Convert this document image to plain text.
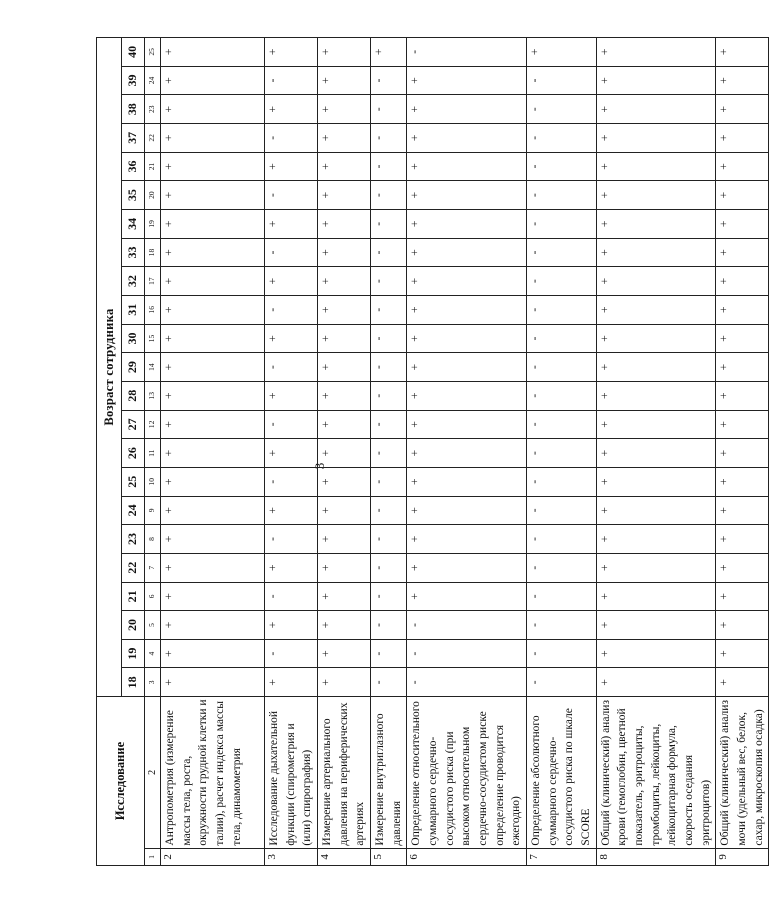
3
Исследование		Возраст сотрудника																						
		18	19	20	21	22	23	24	25	26	27	28	29	30	31	32	33	34	35	36	37	38	39	40
1	2	3	4	5	6	7	8	9	10	11	12	13	14	15	16	17	18	19	20	21	22	23	24	25
2	Антропометрия (измерение массы тела, роста, окружности грудной клетки и талии), расчет индекса массы тела, динамометрия	+	+	+	+	+	+	+	+	+	+	+	+	+	+	+	+	+	+	+	+	+	+	+
3	Исследование дыхательной функции (спирометрия и (или) спирография)	+	-	+	-	+	-	+	-	+	-	+	-	+	-	+	-	+	-	+	-	+	-	+
4	Измерение артериального давления на периферических артериях	+	+	+	+	+	+	+	+	+	+	+	+	+	+	+	+	+	+	+	+	+	+	+
5	Измерение внутриглазного давления	-	-	-	-	-	-	-	-	-	-	-	-	-	-	-	-	-	-	-	-	-	-	+
6	Определение относительного суммарного сердечно-сосудистого риска (при высоком относительном сердечно-сосудистом риске определение проводится ежегодно)	-	-	-	+	+	+	+	+	+	+	+	+	+	+	+	+	+	+	+	+	+	+	-
7	Определение абсолютного суммарного сердечно-сосудистого риска по шкале SCORE	-	-	-	-	-	-	-	-	-	-	-	-	-	-	-	-	-	-	-	-	-	-	+
8	Общий (клинический) анализ крови (гемоглобин, цветной показатель, эритроциты, тромбоциты, лейкоциты, лейкоцитарная формула, скорость оседания эритроцитов)	+	+	+	+	+	+	+	+	+	+	+	+	+	+	+	+	+	+	+	+	+	+	+
9	Общий (клинический) анализ мочи (удельный вес, белок, сахар, микроскопия осадка)	+	+	+	+	+	+	+	+	+	+	+	+	+	+	+	+	+	+	+	+	+	+	+
